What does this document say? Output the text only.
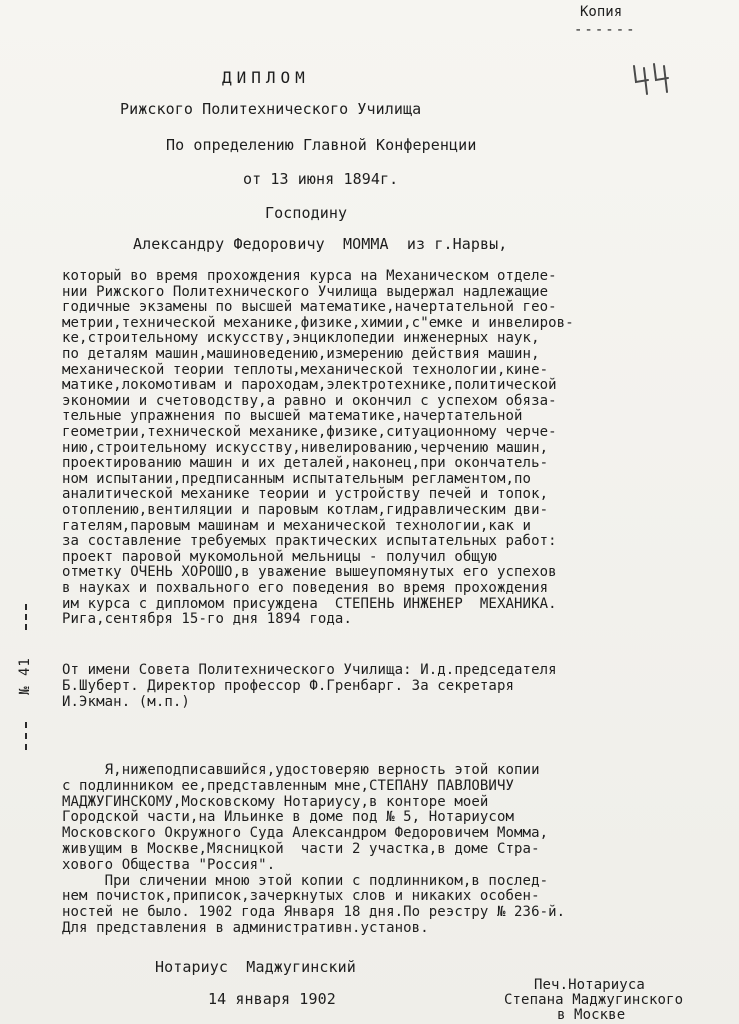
Копия
------
ДИПЛОМ
Рижского Политехнического Училища
По определению Главной Конференции
от 13 июня 1894г.
Господину
Александру Федоровичу  МОММА  из г.Нарвы,
который во время прохождения курса на Механическом отделе-
нии Рижского Политехнического Училища выдержал надлежащие
годичные экзамены по высшей математике,начертательной гео-
метрии,технической механике,физике,химии,с"емке и инвелиров-
ке,строительному искусству,энциклопедии инженерных наук,
по деталям машин,машиноведению,измерению действия машин,
механической теории теплоты,механической технологии,кине-
матике,локомотивам и пароходам,электротехнике,политической
экономии и счетоводству,а равно и окончил с успехом обяза-
тельные упражнения по высшей математике,начертательной
геометрии,технической механике,физике,ситуационному черче-
нию,строительному искусству,нивелированию,черчению машин,
проектированию машин и их деталей,наконец,при окончатель-
ном испытании,предписанным испытательным регламентом,по
аналитической механике теории и устройству печей и топок,
отоплению,вентиляции и паровым котлам,гидравлическим дви-
гателям,паровым машинам и механической технологии,как и
за составление требуемых практических испытательных работ:
проект паровой мукомольной мельницы - получил общую
отметку ОЧЕНЬ ХОРОШО,в уважение вышеупомянутых его успехов
в науках и похвального его поведения во время прохождения
им курса с дипломом присуждена  СТЕПЕНЬ ИНЖЕНЕР  МЕХАНИКА.
Рига,сентября 15-го дня 1894 года.
От имени Совета Политехнического Училища: И.д.председателя
Б.Шуберт. Директор профессор Ф.Гренбарг. За секретаря
И.Экман. (м.п.)
№ 41
Я,нижеподписавшийся,удостоверяю верность этой копии
с подлинником ее,представленным мне,СТЕПАНУ ПАВЛОВИЧУ
МАДЖУГИНСКОМУ,Московскому Нотариусу,в конторе моей
Городской части,на Ильинке в доме под № 5, Нотариусом
Московского Окружного Суда Александром Федоровичем Момма,
живущим в Москве,Мясницкой  части 2 участка,в доме Стра-
хового Общества "Россия".
При сличении мною этой копии с подлинником,в послед-
нем почисток,приписок,зачеркнутых слов и никаких особен-
ностей не было. 1902 года Января 18 дня.По реэстру № 236-й.
Для представления в административн.установ.
Нотариус  Маджугинский
14 января 1902
Печ.Нотариуса
Степана Маджугинского
в Москве
